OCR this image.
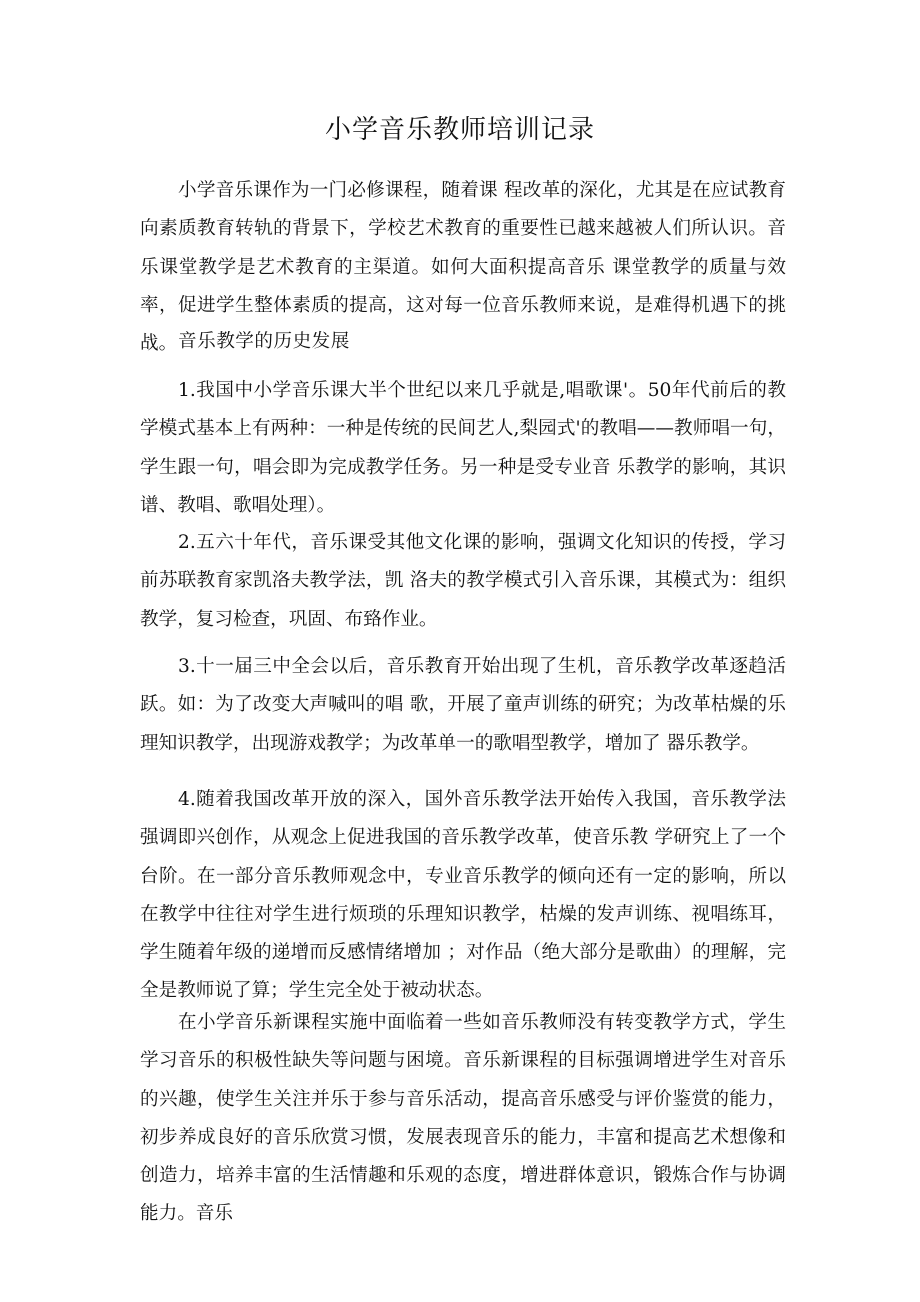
小学音乐教师培训记录

小学音乐课作为一门必修课程，随着课 程改革的深化，尤其是在应试教育向素质教育转轨的背景下，学校艺术教育的重要性已越来越被人们所认识。音乐课堂教学是艺术教育的主渠道。如何大面积提高音乐 课堂教学的质量与效率，促进学生整体素质的提高，这对每一位音乐教师来说，是难得机遇下的挑战。 音乐教学的历史发展

1.我国中小学音乐课大半个世纪以来几乎就是,唱歌课'。50年代前后的教学模式基本上有两种：一种是传统的民间艺人,梨园式'的教唱——教师唱一句，学生跟一句，唱会即为完成教学任务。另一种是受专业音 乐教学的影响，其识谱、教唱、歌唱处理）。

2.五六十年代，音乐课受其他文化课的影响，强调文化知识的传授，学习前苏联教育家凯洛夫教学法，凯 洛夫的教学模式引入音乐课，其模式为：组织教学，复习检查，巩固、布臵作业。

3.十一届三中全会以后，音乐教育开始出现了生机，音乐教学改革逐趋活跃。如：为了改变大声喊叫的唱 歌，开展了童声训练的研究；为改革枯燥的乐理知识教学，出现游戏教学；为改革单一的歌唱型教学，增加了 器乐教学。

4.随着我国改革开放的深入，国外音乐教学法开始传入我国，音乐教学法强调即兴创作，从观念上促进我国的音乐教学改革，使音乐教 学研究上了一个台阶。在一部分音乐教师观念中，专业音乐教学的倾向还有一定的影响，所以在教学中往往对学生进行烦琐的乐理知识教学，枯燥的发声训练、视唱练耳，学生随着年级的递增而反感情绪增加 ；对作品（绝大部分是歌曲）的理解，完全是教师说了算；学生完全处于被动状态。

在小学音乐新课程实施中面临着一些如音乐教师没有转变教学方式，学生学习音乐的积极性缺失等问题与困境。音乐新课程的目标强调增进学生对音乐的兴趣，使学生关注并乐于参与音乐活动，提高音乐感受与评价鉴赏的能力，初步养成良好的音乐欣赏习惯，发展表现音乐的能力，丰富和提高艺术想像和创造力，培养丰富的生活情趣和乐观的态度，增进群体意识，锻炼合作与协调能力。音乐
